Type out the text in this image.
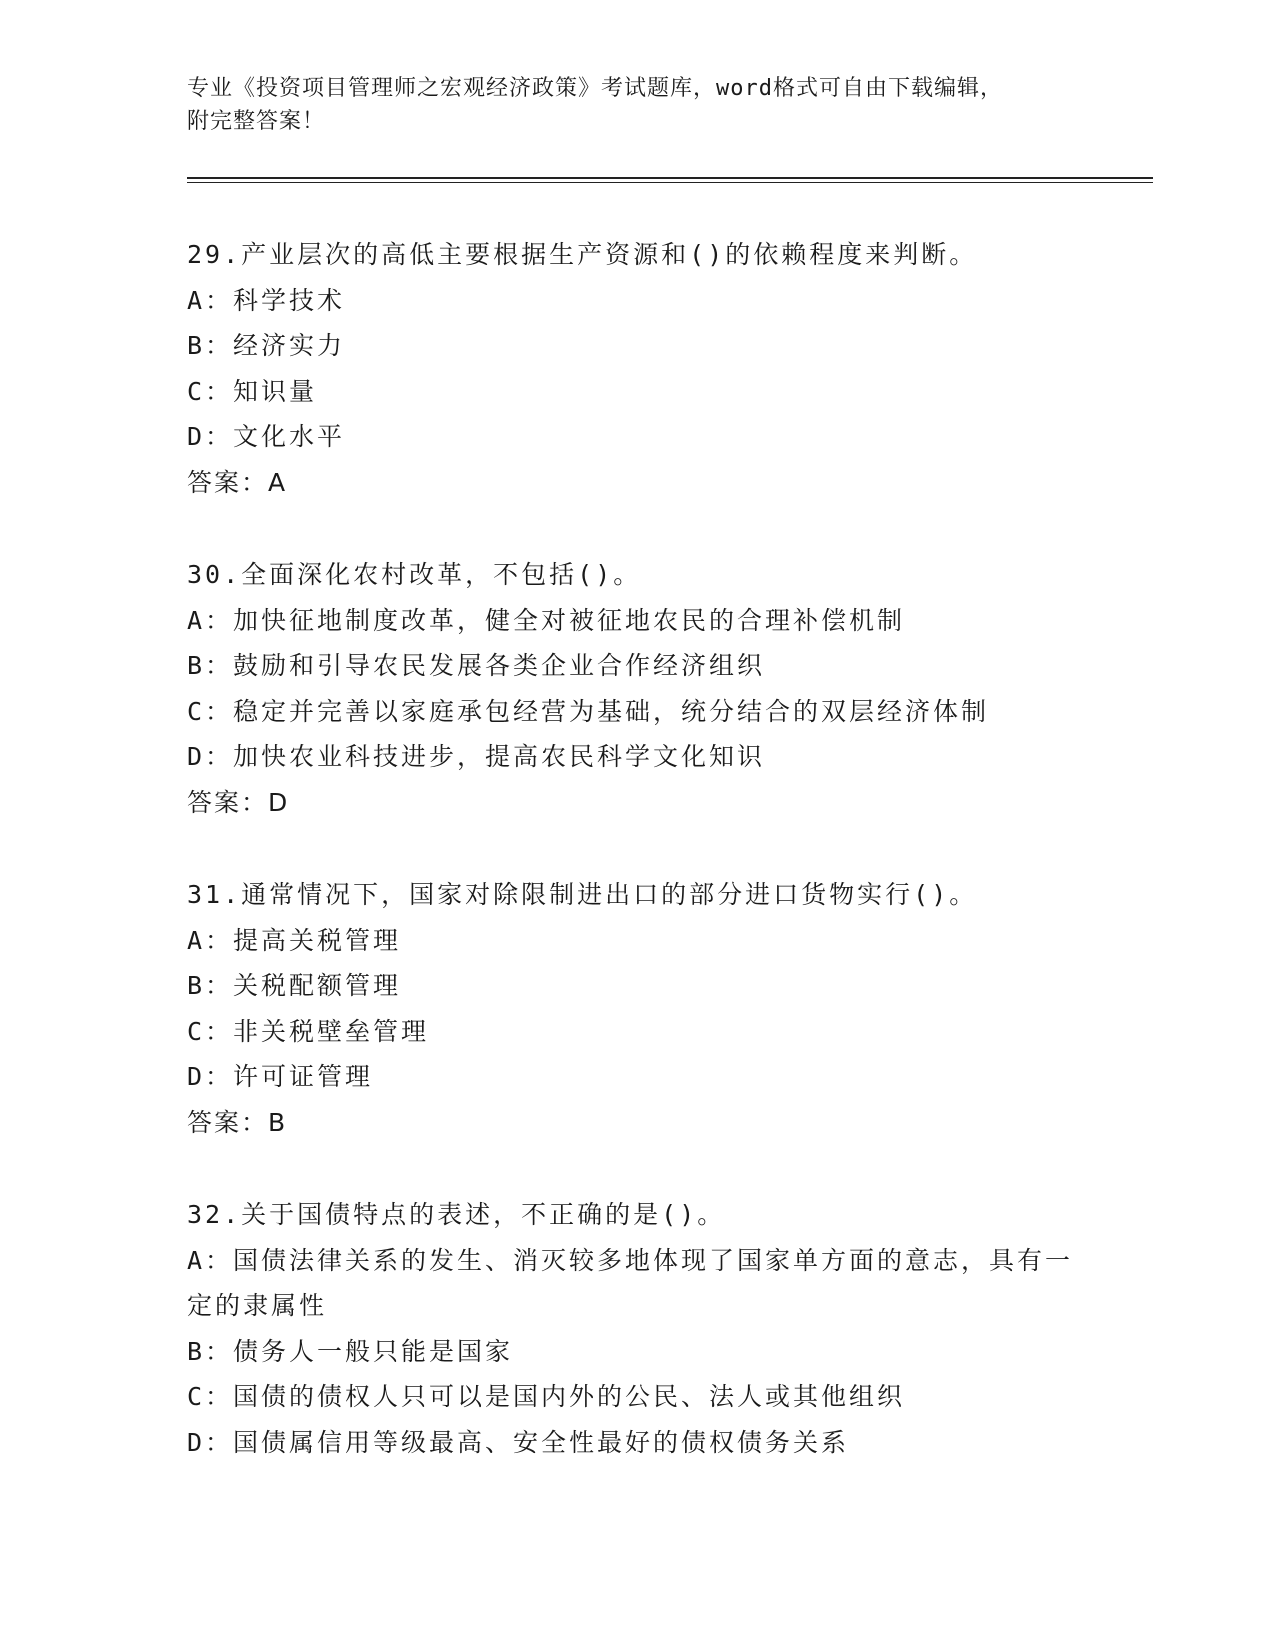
专业《投资项目管理师之宏观经济政策》考试题库，word格式可自由下载编辑，
附完整答案！
29.产业层次的高低主要根据生产资源和()的依赖程度来判断。
A：科学技术
B：经济实力
C：知识量
D：文化水平
答案：A
30.全面深化农村改革，不包括()。
A：加快征地制度改革，健全对被征地农民的合理补偿机制
B：鼓励和引导农民发展各类企业合作经济组织
C：稳定并完善以家庭承包经营为基础，统分结合的双层经济体制
D：加快农业科技进步，提高农民科学文化知识
答案：D
31.通常情况下，国家对除限制进出口的部分进口货物实行()。
A：提高关税管理
B：关税配额管理
C：非关税壁垒管理
D：许可证管理
答案：B
32.关于国债特点的表述，不正确的是()。
A：国债法律关系的发生、消灭较多地体现了国家单方面的意志，具有一定的隶属性
B：债务人一般只能是国家
C：国债的债权人只可以是国内外的公民、法人或其他组织
D：国债属信用等级最高、安全性最好的债权债务关系
